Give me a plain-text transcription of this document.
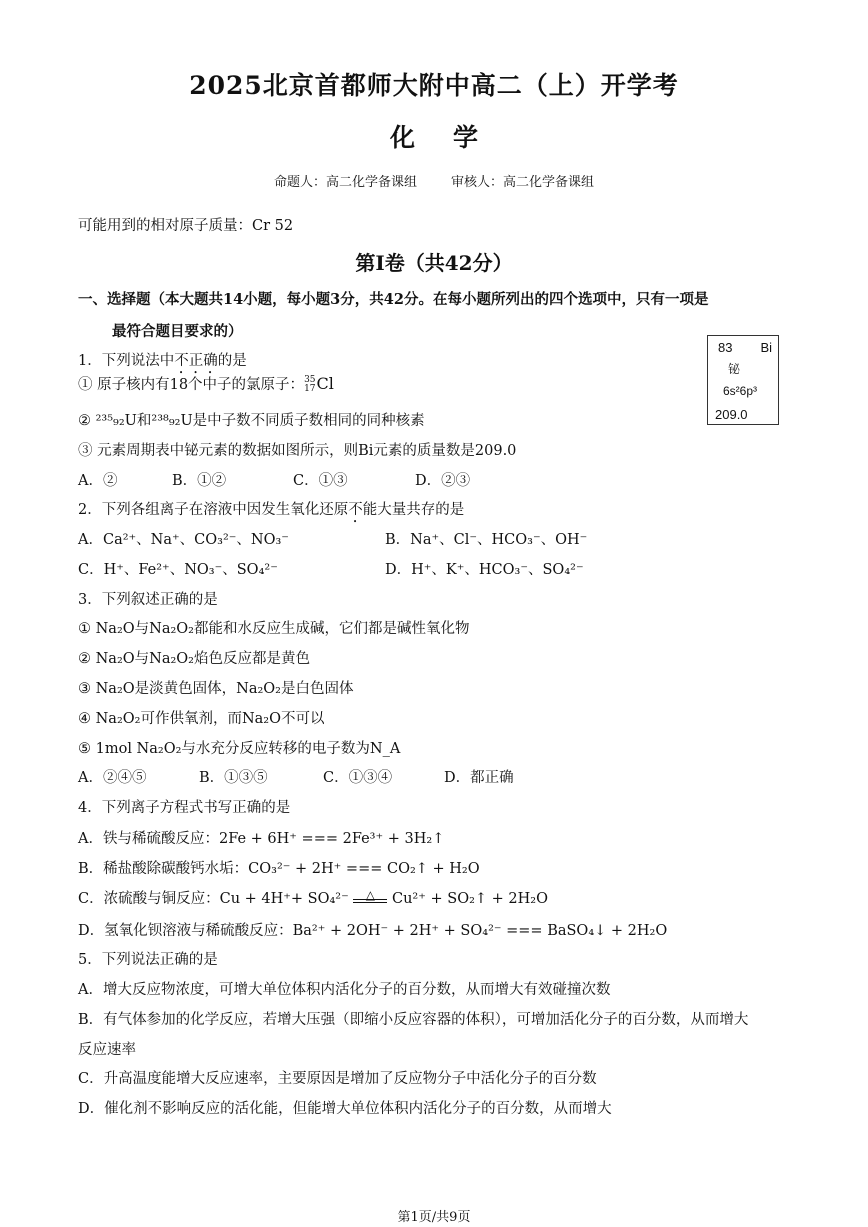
2025北京首都师大附中高二（上）开学考
化学
命题人：高二化学备课组	审核人：高二化学备课组
可能用到的相对原子质量：Cr 52
第I卷（共42分）
一、选择题（本大题共14小题，每小题3分，共42分。在每小题所列出的四个选项中，只有一项是
最符合题目要求的）
83 Bi
铋
6s²6p³
209.0
1．下列说法中不正确的是
① 原子核内有18个中子的氯原子：35
17Cl
② ²³⁵₉₂U和²³⁸₉₂U是中子数不同质子数相同的同种核素
③ 元素周期表中铋元素的数据如图所示，则Bi元素的质量数是209.0
A．②	B．①②	C．①③	D．②③
2．下列各组离子在溶液中因发生氧化还原不能大量共存的是
A．Ca²⁺、Na⁺、CO₃²⁻、NO₃⁻	B．Na⁺、Cl⁻、HCO₃⁻、OH⁻
C．H⁺、Fe²⁺、NO₃⁻、SO₄²⁻	D．H⁺、K⁺、HCO₃⁻、SO₄²⁻
3．下列叙述正确的是
① Na₂O与Na₂O₂都能和水反应生成碱，它们都是碱性氧化物
② Na₂O与Na₂O₂焰色反应都是黄色
③ Na₂O是淡黄色固体，Na₂O₂是白色固体
④ Na₂O₂可作供氧剂，而Na₂O不可以
⑤ 1mol Na₂O₂与水充分反应转移的电子数为N_A
A．②④⑤	B．①③⑤	C．①③④	D．都正确
4．下列离子方程式书写正确的是
A．铁与稀硫酸反应：2Fe + 6H⁺ === 2Fe³⁺ + 3H₂↑
B．稀盐酸除碳酸钙水垢：CO₃²⁻ + 2H⁺ === CO₂↑ + H₂O
C．浓硫酸与铜反应：Cu + 4H⁺+ SO₄²⁻	△ Cu²⁺ + SO₂↑ + 2H₂O
D．氢氧化钡溶液与稀硫酸反应：Ba²⁺ + 2OH⁻ + 2H⁺ + SO₄²⁻ === BaSO₄↓ + 2H₂O
5．下列说法正确的是
A．增大反应物浓度，可增大单位体积内活化分子的百分数，从而增大有效碰撞次数
B．有气体参加的化学反应，若增大压强（即缩小反应容器的体积），可增加活化分子的百分数，从而增大
反应速率
C．升高温度能增大反应速率，主要原因是增加了反应物分子中活化分子的百分数
D．催化剂不影响反应的活化能，但能增大单位体积内活化分子的百分数，从而增大
第1页/共9页
